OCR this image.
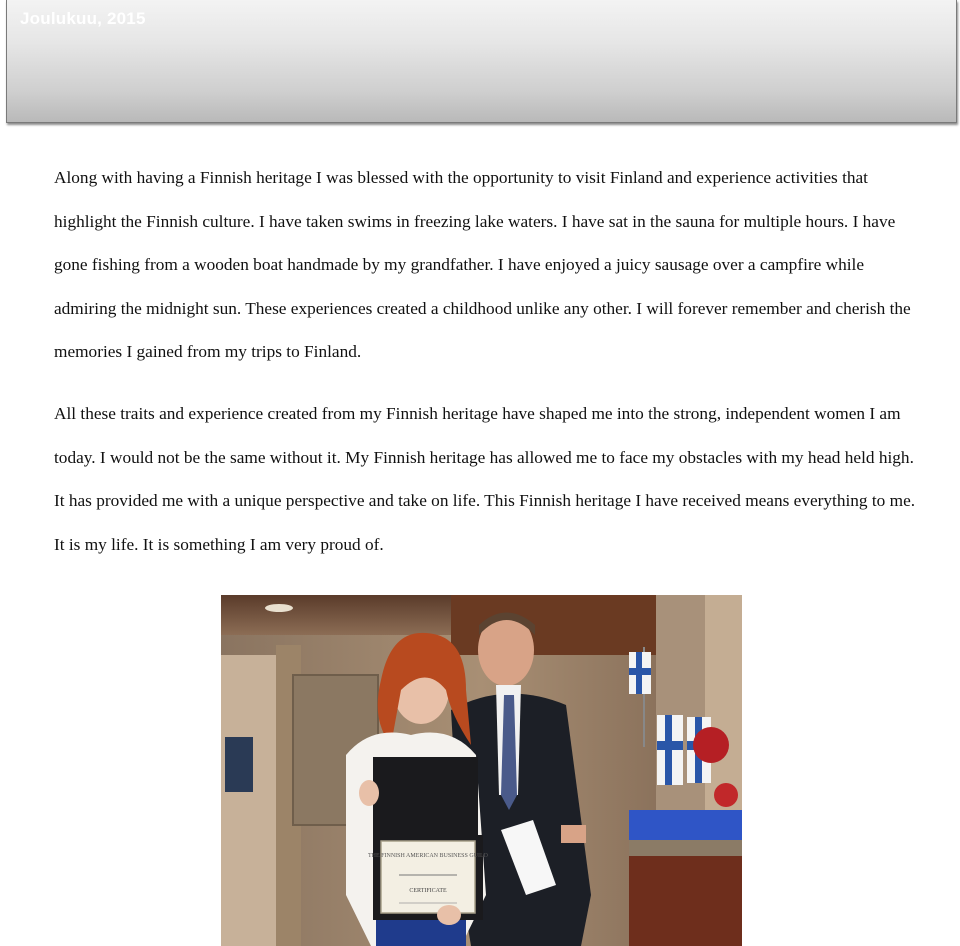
Joulukuu, 2015

Along with having a Finnish heritage I was blessed with the opportunity to visit Finland and experience activities that highlight the Finnish culture. I have taken swims in freezing lake waters. I have sat in the sauna for multiple hours. I have gone fishing from a wooden boat handmade by my grandfather. I have enjoyed a juicy sausage over a campfire while admiring the midnight sun. These experiences created a childhood unlike any other. I will forever remember and cherish the memories I gained from my trips to Finland.

All these traits and experience created from my Finnish heritage have shaped me into the strong, independent women I am today. I would not be the same without it. My Finnish heritage has allowed me to face my obstacles with my head held high. It has provided me with a unique perspective and take on life. This Finnish heritage I have received means everything to me. It is my life. It is something I am very proud of.

THE FINNISH AMERICAN BUSINESS GUILD
CERTIFICATE
